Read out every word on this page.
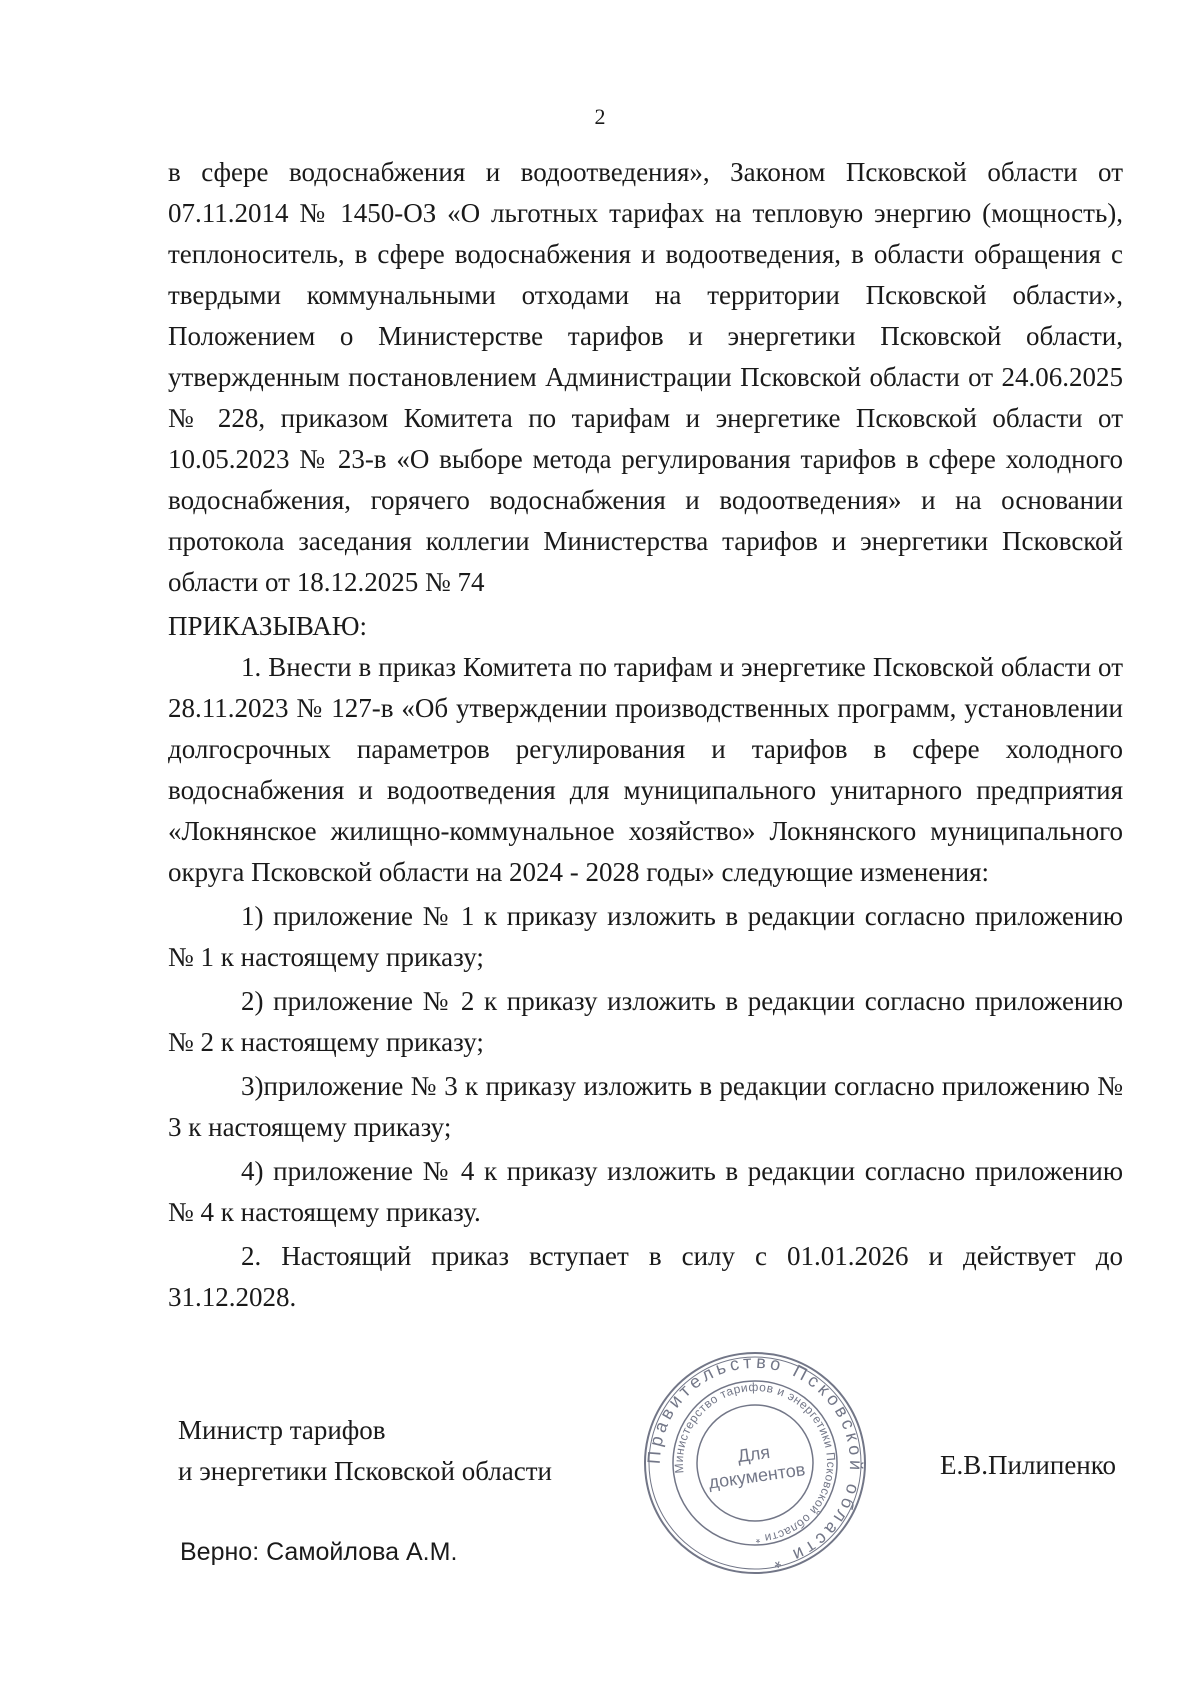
2

в сфере водоснабжения и водоотведения», Законом Псковской области от 07.11.2014 № 1450-ОЗ «О льготных тарифах на тепловую энергию (мощность), теплоноситель, в сфере водоснабжения и водоотведения, в области обращения с твердыми коммунальными отходами на территории Псковской области», Положением о Министерстве тарифов и энергетики Псковской области, утвержденным постановлением Администрации Псковской области от 24.06.2025 № 228, приказом Комитета по тарифам и энергетике Псковской области от 10.05.2023 № 23-в «О выборе метода регулирования тарифов в сфере холодного водоснабжения, горячего водоснабжения и водоотведения» и на основании протокола заседания коллегии Министерства тарифов и энергетики Псковской области от 18.12.2025 № 74

ПРИКАЗЫВАЮ:

1. Внести в приказ Комитета по тарифам и энергетике Псковской области от 28.11.2023 № 127-в «Об утверждении производственных программ, установлении долгосрочных параметров регулирования и тарифов в сфере холодного водоснабжения и водоотведения для муниципального унитарного предприятия «Локнянское жилищно-коммунальное хозяйство» Локнянского муниципального округа Псковской области на 2024 - 2028 годы» следующие изменения:

1) приложение № 1 к приказу изложить в редакции согласно приложению № 1 к настоящему приказу;

2) приложение № 2 к приказу изложить в редакции согласно приложению № 2 к настоящему приказу;

3)приложение № 3 к приказу изложить в редакции согласно приложению № 3 к настоящему приказу;

4) приложение № 4 к приказу изложить в редакции согласно приложению № 4 к настоящему приказу.

2. Настоящий приказ вступает в силу с 01.01.2026 и действует до 31.12.2028.

Министр тарифов
и энергетики Псковской области
Правительство Псковской области *
Министерство тарифов и энергетики Псковской области *
Для
документов	Е.В.Пилипенко
Верно: Самойлова А.М.
